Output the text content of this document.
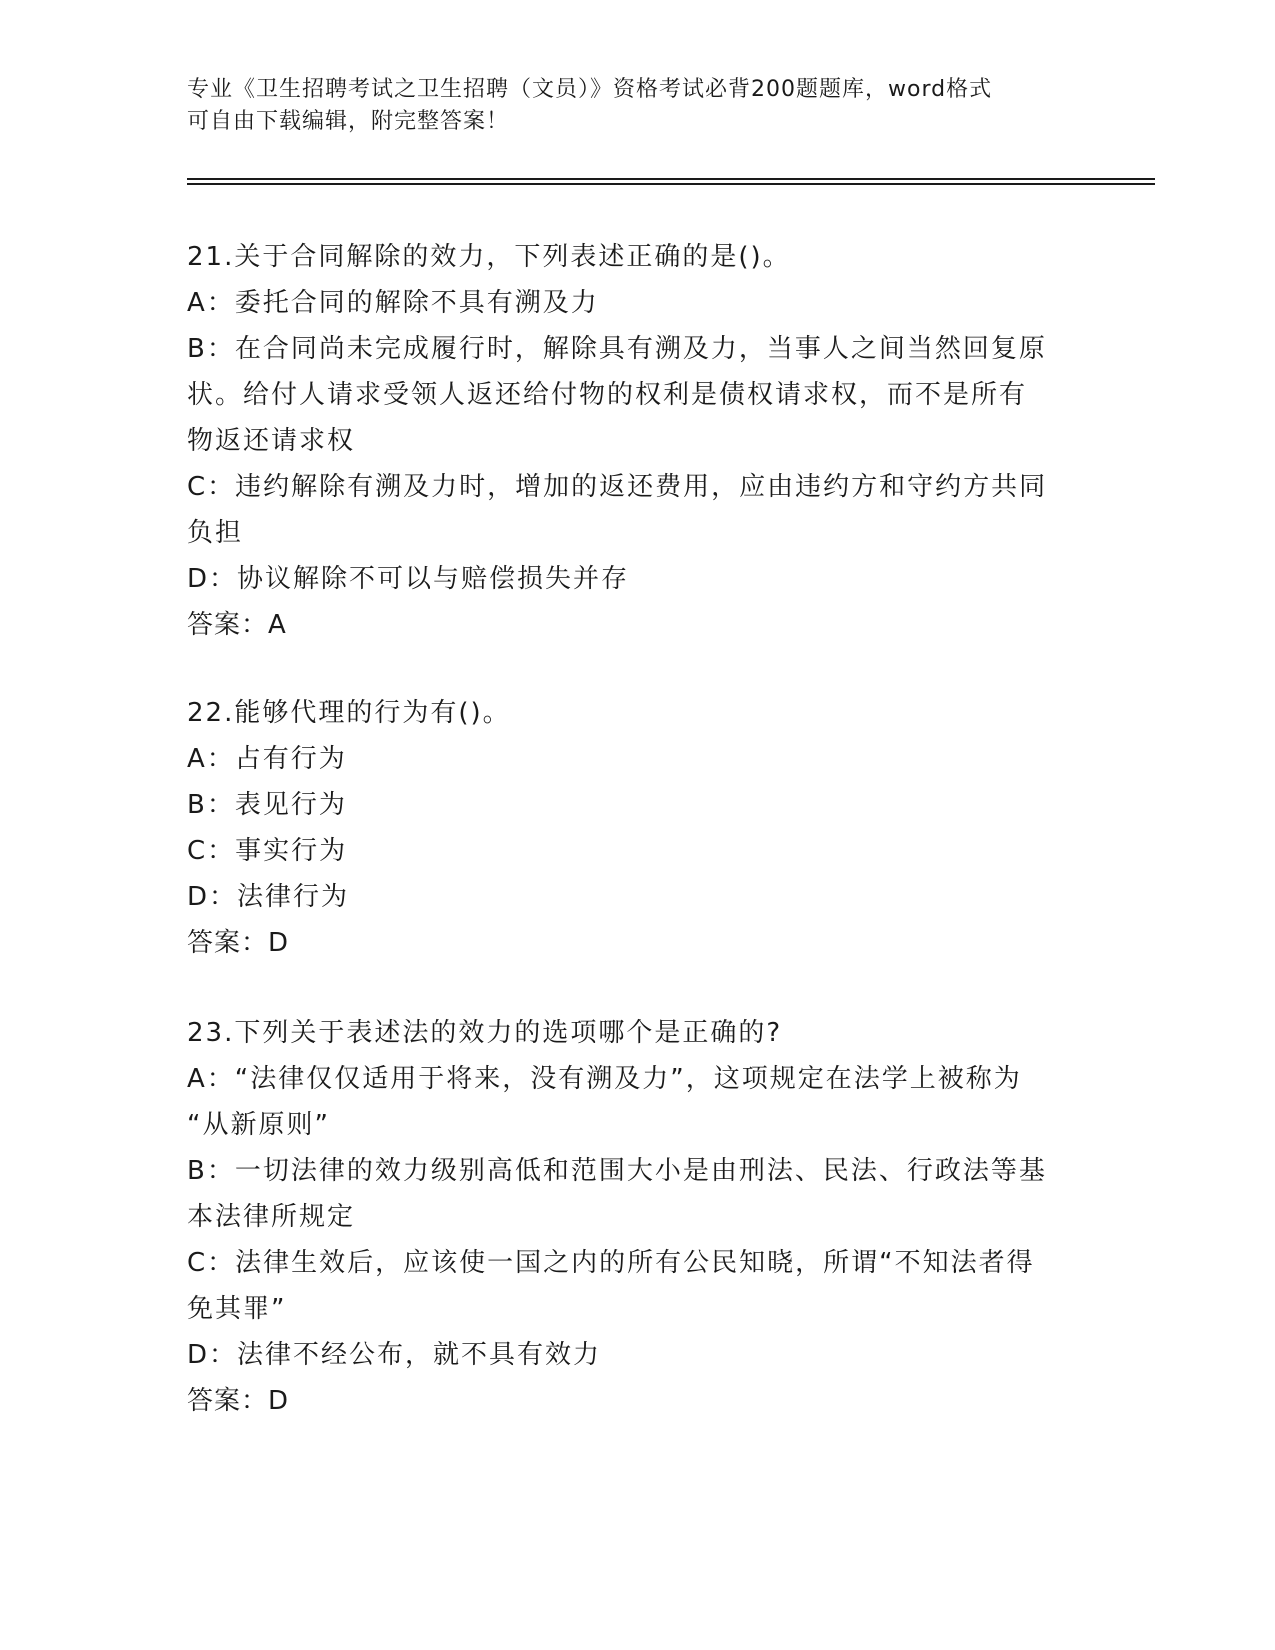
专业《卫生招聘考试之卫生招聘（文员）》资格考试必背200题题库，word格式
可自由下载编辑，附完整答案！
21.关于合同解除的效力，下列表述正确的是()。
A：委托合同的解除不具有溯及力
B：在合同尚未完成履行时，解除具有溯及力，当事人之间当然回复原
状。给付人请求受领人返还给付物的权利是债权请求权，而不是所有
物返还请求权
C：违约解除有溯及力时，增加的返还费用，应由违约方和守约方共同
负担
D：协议解除不可以与赔偿损失并存
答案：A
22.能够代理的行为有()。
A：占有行为
B：表见行为
C：事实行为
D：法律行为
答案：D
23.下列关于表述法的效力的选项哪个是正确的?
A：“法律仅仅适用于将来，没有溯及力”，这项规定在法学上被称为
“从新原则”
B：一切法律的效力级别高低和范围大小是由刑法、民法、行政法等基
本法律所规定
C：法律生效后，应该使一国之内的所有公民知晓，所谓“不知法者得
免其罪”
D：法律不经公布，就不具有效力
答案：D
